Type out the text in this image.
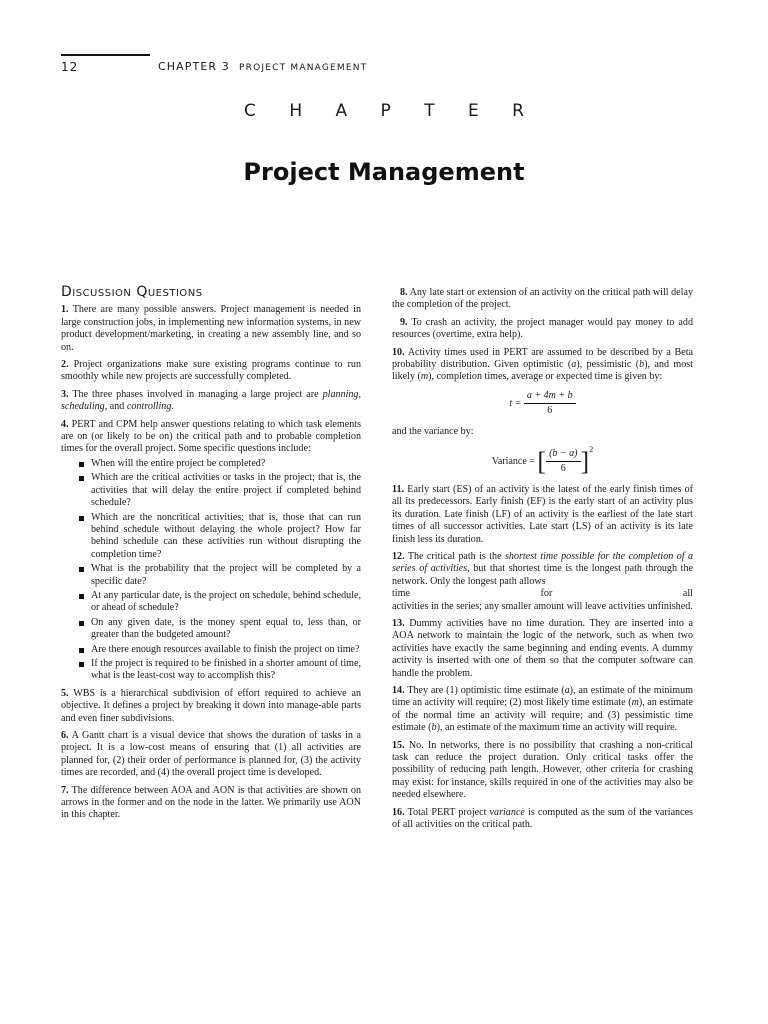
12	CHAPTER 3 PROJECT MANAGEMENT
C H A P T E R
Project Management
Discussion Questions

1. There are many possible answers. Project management is needed in large construction jobs, in implementing new information systems, in new product development/marketing, in creating a new assembly line, and so on.

2. Project organizations make sure existing programs continue to run smoothly while new projects are successfully completed.

3. The three phases involved in managing a large project are planning, scheduling, and controlling.

4. PERT and CPM help answer questions relating to which task elements are on (or likely to be on) the critical path and to probable completion times for the overall project. Some specific questions include:

When will the entire project be completed?
Which are the critical activities or tasks in the project; that is, the activities that will delay the entire project if completed behind schedule?
Which are the noncritical activities; that is, those that can run behind schedule without delaying the whole project? How far behind schedule can these activities run without disrupting the completion time?
What is the probability that the project will be completed by a specific date?
At any particular date, is the project on schedule, behind schedule, or ahead of schedule?
On any given date, is the money spent equal to, less than, or greater than the budgeted amount?
Are there enough resources available to finish the project on time?
If the project is required to be finished in a shorter amount of time, what is the least-cost way to accomplish this?

5. WBS is a hierarchical subdivision of effort required to achieve an objective. It defines a project by breaking it down into manage-able parts and even finer subdivisions.

6. A Gantt chart is a visual device that shows the duration of tasks in a project. It is a low-cost means of ensuring that (1) all activities are planned for, (2) their order of performance is planned for, (3) the activity times are recorded, and (4) the overall project time is developed.

7. The difference between AOA and AON is that activities are shown on arrows in the former and on the node in the latter. We primarily use AON in this chapter.

8. Any late start or extension of an activity on the critical path will delay the completion of the project.

9. To crash an activity, the project manager would pay money to add resources (overtime, extra help).

10. Activity times used in PERT are assumed to be described by a Beta probability distribution. Given optimistic (a), pessimistic (b), and most likely (m), completion times, average or expected time is given by:

$t = \frac{a + 4m + b}{6}$

and the variance by:

Variance = [ $\frac{(b - a)}{6} ]^2$

11. Early start (ES) of an activity is the latest of the early finish times of all its predecessors. Early finish (EF) is the early start of an activity plus its duration. Late finish (LF) of an activity is the earliest of the late start times of all successor activities. Late start (LS) of an activity is its late finish less its duration.

12. The critical path is the shortest time possible for the completion of a series of activities, but that shortest time is the longest path through the network. Only the longest path allows

time	for	all

activities in the series; any smaller amount will leave activities unfinished.

13. Dummy activities have no time duration. They are inserted into a AOA network to maintain the logic of the network, such as when two activities have exactly the same beginning and ending events. A dummy activity is inserted with one of them so that the computer software can handle the problem.

14. They are (1) optimistic time estimate (a), an estimate of the minimum time an activity will require; (2) most likely time estimate (m), an estimate of the normal time an activity will require; and (3) pessimistic time estimate (b), an estimate of the maximum time an activity will require.

15. No. In networks, there is no possibility that crashing a non-critical task can reduce the project duration. Only critical tasks offer the possibility of reducing path length. However, other criteria for crashing may exist: for instance, skills required in one of the activities may also be needed elsewhere.

16. Total PERT project variance is computed as the sum of the variances of all activities on the critical path.
